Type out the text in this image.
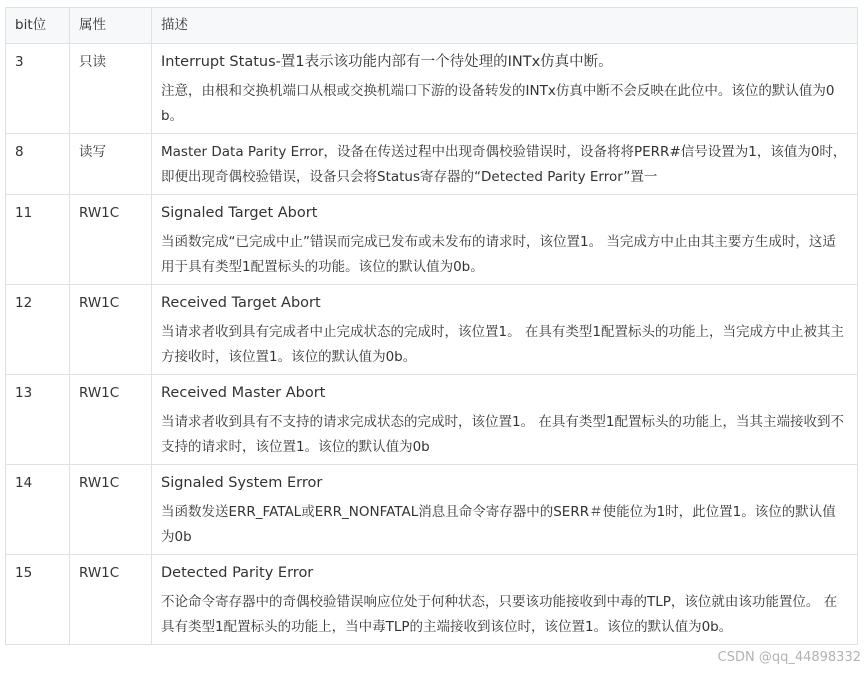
bit位	属性	描述
3	只读	Interrupt Status-置1表示该功能内部有一个待处理的INTx仿真中断。
注意，由根和交换机端口从根或交换机端口下游的设备转发的INTx仿真中断不会反映在此位中。该位的默认值为0b。

8	读写	Master Data Parity Error，设备在传送过程中出现奇偶校验错误时，设备将将PERR#信号设置为1，该值为0时，即便出现奇偶校验错误，设备只会将Status寄存器的“Detected Parity Error”置一

11	RW1C	Signaled Target Abort
当函数完成“已完成中止”错误而完成已发布或未发布的请求时，该位置1。 当完成方中止由其主要方生成时，这适用于具有类型1配置标头的功能。该位的默认值为0b。

12	RW1C	Received Target Abort
当请求者收到具有完成者中止完成状态的完成时，该位置1。 在具有类型1配置标头的功能上，当完成方中止被其主方接收时，该位置1。该位的默认值为0b。

13	RW1C	Received Master Abort
当请求者收到具有不支持的请求完成状态的完成时，该位置1。 在具有类型1配置标头的功能上，当其主端接收到不支持的请求时，该位置1。该位的默认值为0b

14	RW1C	Signaled System Error
当函数发送ERR_FATAL或ERR_NONFATAL消息且命令寄存器中的SERR＃使能位为1时，此位置1。该位的默认值为0b

15	RW1C	Detected Parity Error
不论命令寄存器中的奇偶校验错误响应位处于何种状态，只要该功能接收到中毒的TLP，该位就由该功能置位。 在具有类型1配置标头的功能上，当中毒TLP的主端接收到该位时，该位置1。该位的默认值为0b。
CSDN @qq_44898332
